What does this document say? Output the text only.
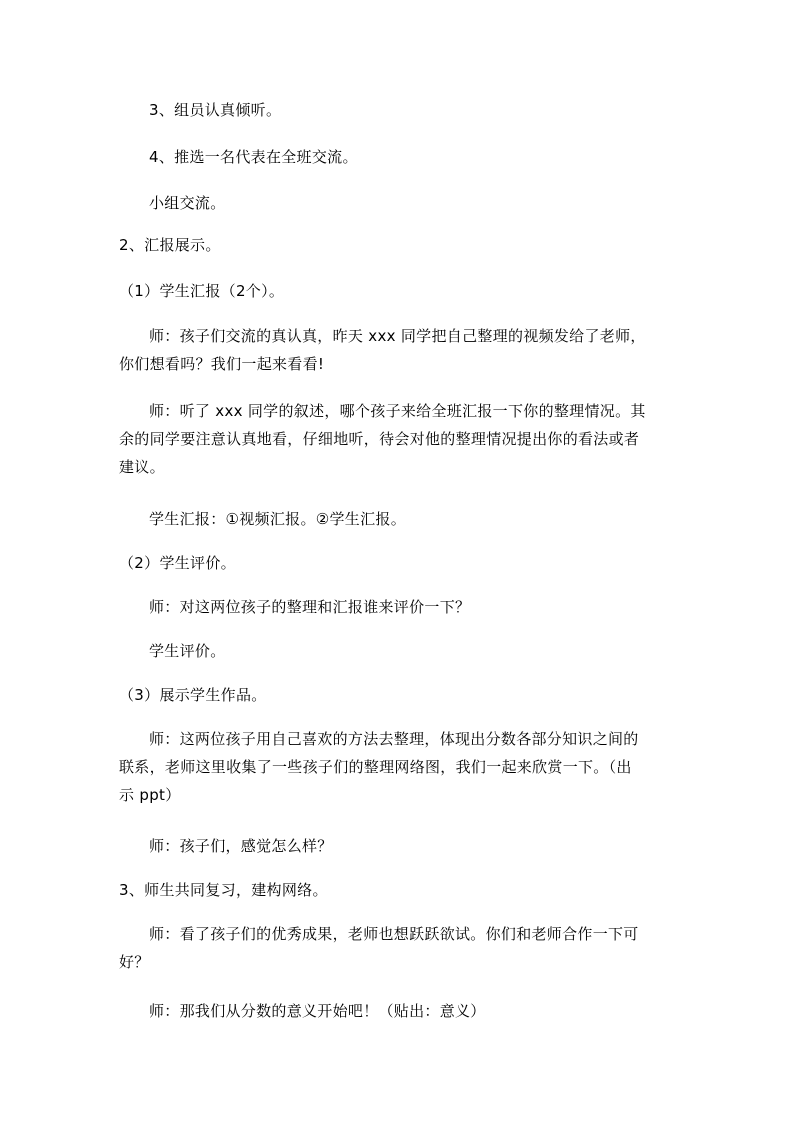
3、组员认真倾听。
4、推选一名代表在全班交流。
小组交流。
2、汇报展示。
（1）学生汇报（2个）。
师：孩子们交流的真认真，昨天 xxx 同学把自己整理的视频发给了老师，
你们想看吗？我们一起来看看!
师：听了 xxx 同学的叙述，哪个孩子来给全班汇报一下你的整理情况。其
余的同学要注意认真地看，仔细地听，待会对他的整理情况提出你的看法或者
建议。
学生汇报：①视频汇报。②学生汇报。
（2）学生评价。
师：对这两位孩子的整理和汇报谁来评价一下？
学生评价。
（3）展示学生作品。
师：这两位孩子用自己喜欢的方法去整理，体现出分数各部分知识之间的
联系，老师这里收集了一些孩子们的整理网络图，我们一起来欣赏一下。（出
示 ppt）
师：孩子们，感觉怎么样？
3、师生共同复习，建构网络。
师：看了孩子们的优秀成果，老师也想跃跃欲试。你们和老师合作一下可
好？
师：那我们从分数的意义开始吧！（贴出：意义）
